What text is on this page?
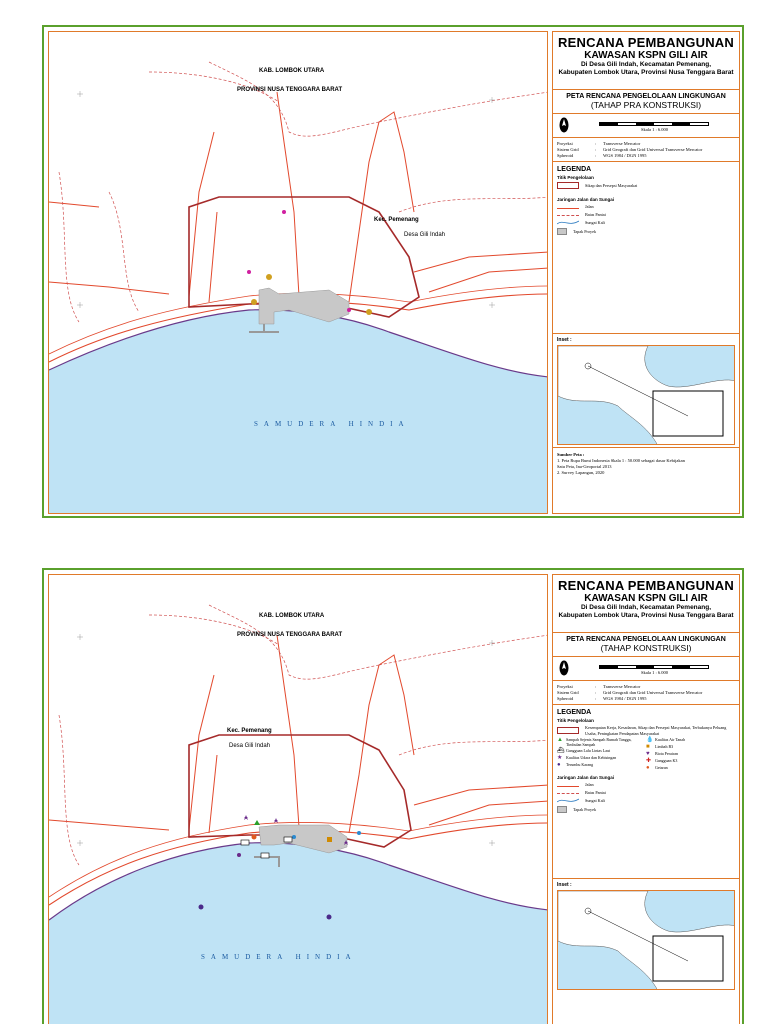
KAB. LOMBOK UTARA
PROVINSI NUSA TENGGARA BARAT
Kec. Pemenang
Desa Gili Indah
SAMUDERA HINDIA
RENCANA PEMBANGUNAN
KAWASAN KSPN GILI AIR
Di Desa Gili Indah, Kecamatan Pemenang,
Kabupaten Lombok Utara, Provinsi Nusa Tenggara Barat
PETA RENCANA PENGELOLAAN LINGKUNGAN
(TAHAP PRA KONSTRUKSI)
Skala 1 : 6.000
Proyeksi	:	Transverse Mercator
Sistem Grid	:	Grid Geografi dan Grid Universal Transverse Mercator
Spheroid	:	WGS 1984 / DGN 1995
LEGENDA
Titik Pengelolaan
Sikap dan Persepsi Masyarakat
Jaringan Jalan dan Sungai
Jalan
Batas Pantai
Sungai Kali
Tapak Proyek
Inset :
Sumber Peta :
1. Peta Rupa Bumi Indonesia Skala 1 : 50.000 sebagai dasar Kebijakan
Satu Peta, Ina-Geoportal 2013
2. Survey Lapangan, 2020
KAB. LOMBOK UTARA
PROVINSI NUSA TENGGARA BARAT
Kec. Pemenang
Desa Gili Indah
SAMUDERA HINDIA
RENCANA PEMBANGUNAN
KAWASAN KSPN GILI AIR
Di Desa Gili Indah, Kecamatan Pemenang,
Kabupaten Lombok Utara, Provinsi Nusa Tenggara Barat
PETA RENCANA PENGELOLAAN LINGKUNGAN
(TAHAP KONSTRUKSI)
Skala 1 : 6.000
Proyeksi	:	Transverse Mercator
Sistem Grid	:	Grid Geografi dan Grid Universal Transverse Mercator
Spheroid	:	WGS 1984 / DGN 1995
LEGENDA
Titik Pengelolaan
Kesempatan Kerja, Kesadaran, Sikap dan Persepsi Masyarakat, Terbukanya Peluang Usaha, Peningkatan Pendapatan Masyarakat
▲ Sampah Sejenis Sampah Rumah Tangga, Timbulan Sampah
⛴ Gangguan Lalu Lintas Laut
★ Kualitas Udara dan Kebisingan
●	Terumbu Karang
💧 Kualitas Air Tanah
■	Limbah B3
♥	Biota Perairan
✚ Gangguan K3
●	Getaran
Jaringan Jalan dan Sungai
Jalan
Batas Pantai
Sungai Kali
Tapak Proyek
Inset :
